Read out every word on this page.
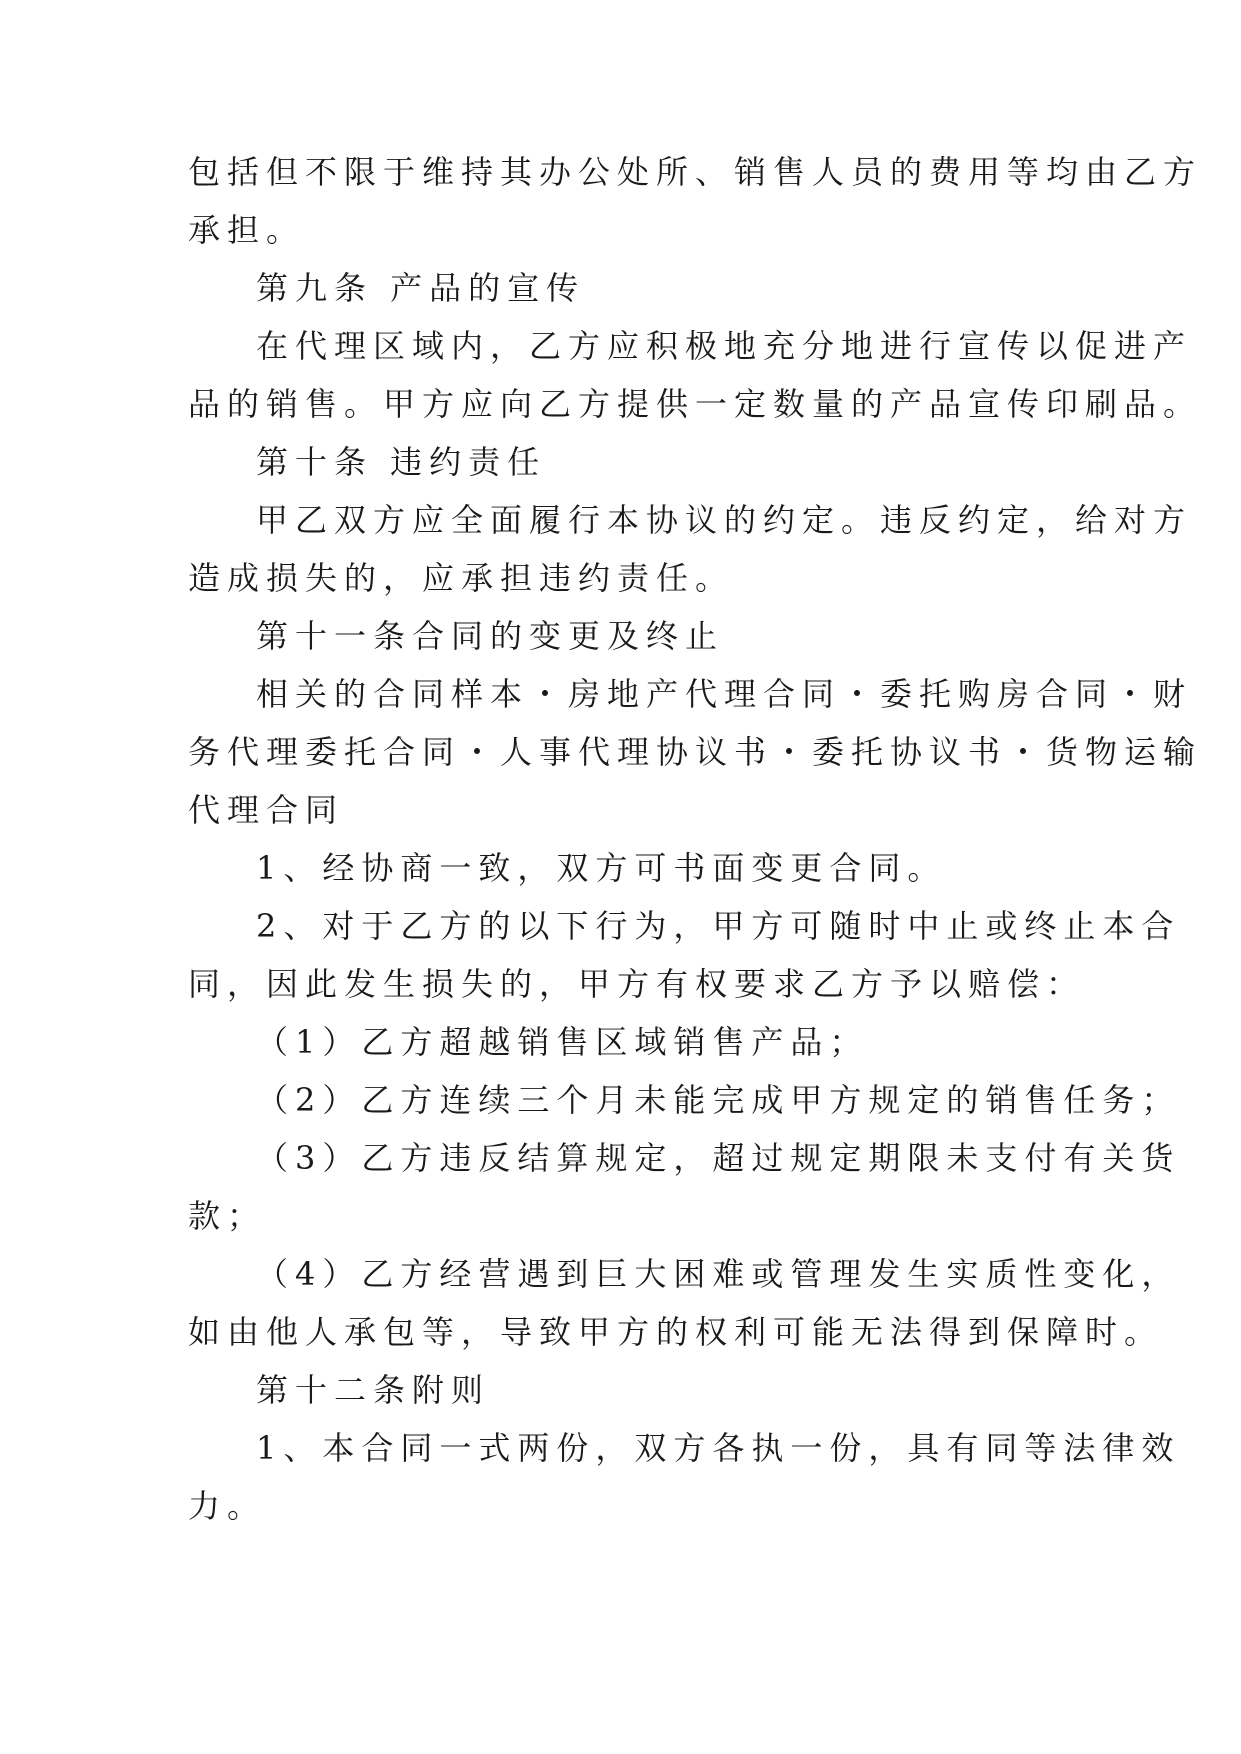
包括但不限于维持其办公处所、销售人员的费用等均由乙方
承担。
第九条 产品的宣传
在代理区域内，乙方应积极地充分地进行宣传以促进产
品的销售。甲方应向乙方提供一定数量的产品宣传印刷品。
第十条 违约责任
甲乙双方应全面履行本协议的约定。违反约定，给对方
造成损失的，应承担违约责任。
第十一条合同的变更及终止
相关的合同样本・房地产代理合同・委托购房合同・财
务代理委托合同・人事代理协议书・委托协议书・货物运输
代理合同
1、经协商一致，双方可书面变更合同。
2、对于乙方的以下行为，甲方可随时中止或终止本合
同，因此发生损失的，甲方有权要求乙方予以赔偿：
（1）乙方超越销售区域销售产品；
（2）乙方连续三个月未能完成甲方规定的销售任务；
（3）乙方违反结算规定，超过规定期限未支付有关货
款；
（4）乙方经营遇到巨大困难或管理发生实质性变化，
如由他人承包等，导致甲方的权利可能无法得到保障时。
第十二条附则
1、本合同一式两份，双方各执一份，具有同等法律效
力。
